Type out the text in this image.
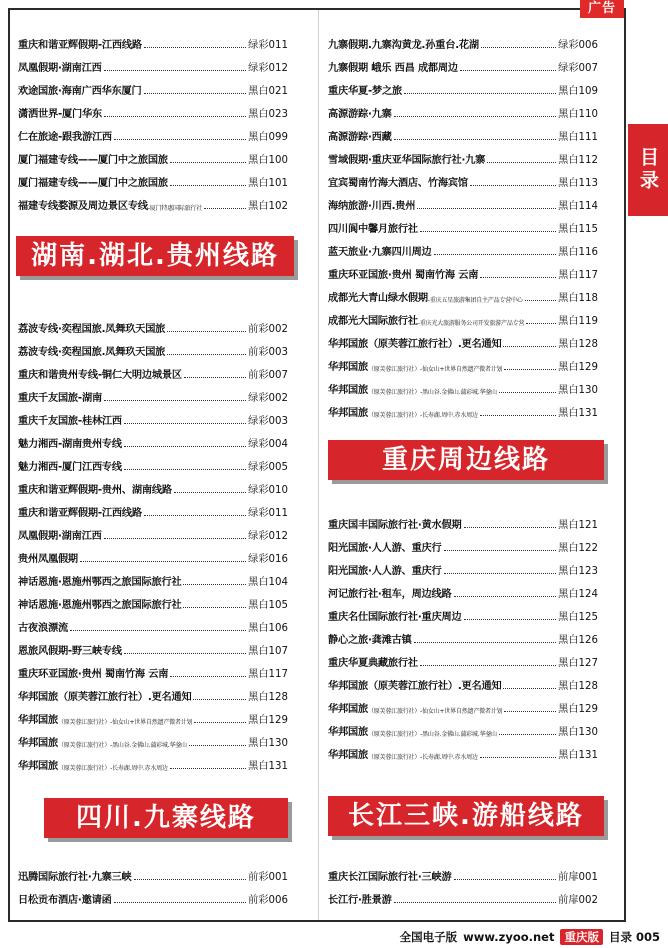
广告
目录
重庆和谐亚辉假期-江西线路	绿彩011
凤凰假期·湖南江西	绿彩012
欢途国旅·海南广西华东厦门	黑白021
潇洒世界-厦门华东	黑白023
仁在旅途-跟我游江西	黑白099
厦门福建专线——厦门中之旅国旅	黑白100
厦门福建专线——厦门中之旅国旅	黑白101
福建专线婺源及周边景区专线 -厦门特惠国际旅行社	黑白102
湖南.湖北.贵州线路
荔波专线·奕程国旅.凤舞玖天国旅	前彩002
荔波专线·奕程国旅.凤舞玖天国旅	前彩003
重庆和谐贵州专线-铜仁大明边城景区	前彩007
重庆千友国旅-湖南	绿彩002
重庆千友国旅-桂林江西	绿彩003
魅力湘西-湖南贵州专线	绿彩004
魅力湘西-厦门江西专线	绿彩005
重庆和谐亚辉假期-贵州、湖南线路	绿彩010
重庆和谐亚辉假期-江西线路	绿彩011
凤凰假期·湖南江西	绿彩012
贵州凤凰假期	绿彩016
神话恩施·恩施州鄂西之旅国际旅行社	黑白104
神话恩施·恩施州鄂西之旅国际旅行社	黑白105
古夜浪漂流	黑白106
恩旅风假期-野三峡专线	黑白107
重庆环亚国旅·贵州 蜀南竹海 云南	黑白117
华邦国旅（原芙蓉江旅行社）.更名通知	黑白128
华邦国旅 （原芙蓉江旅行社）-仙女山+世界自然遗产微者计划	黑白129
华邦国旅 （原芙蓉江旅行社）-黑山谷.金佛山.蒲彩城.华蓥山	黑白130
华邦国旅 （原芙蓉江旅行社）-长寿湖.周中.赤水周边	黑白131
四川.九寨线路
迅腾国际旅行社·九寨三峡	前彩001
日松贡布酒店·邀请函	前彩006
九寨假期.九寨沟黄龙.孙重台.花湖	绿彩006
九寨假期 峨乐 西昌 成都周边	绿彩007
重庆华夏-梦之旅	黑白109
高源游踪·九寨	黑白110
高源游踪·西藏	黑白111
雪域假期·重庆亚华国际旅行社·九寨	黑白112
宜宾蜀南竹海大酒店、竹海宾馆	黑白113
海纳旅游·川西.贵州	黑白114
四川阆中馨月旅行社	黑白115
蓝天旅业·九寨四川周边	黑白116
重庆环亚国旅·贵州 蜀南竹海 云南	黑白117
成都光大青山绿水假期 -重庆五星旅游集团自主产品专营中心	黑白118
成都光大国际旅行社 -重庆光大旅游服务公司开发旅游产品专营	黑白119
华邦国旅（原芙蓉江旅行社）.更名通知	黑白128
华邦国旅 （原芙蓉江旅行社）-仙女山+世界自然遗产微者计划	黑白129
华邦国旅 （原芙蓉江旅行社）-黑山谷.金佛山.蒲彩城.华蓥山	黑白130
华邦国旅 （原芙蓉江旅行社）-长寿湖.周中.赤水周边	黑白131
重庆周边线路
重庆国丰国际旅行社·黄水假期	黑白121
阳光国旅·人人游、重庆行	黑白122
阳光国旅·人人游、重庆行	黑白123
河记旅行社·租车，周边线路	黑白124
重庆名仕国际旅行社·重庆周边	黑白125
静心之旅·龚滩古镇	黑白126
重庆华夏典藏旅行社	黑白127
华邦国旅（原芙蓉江旅行社）.更名通知	黑白128
华邦国旅 （原芙蓉江旅行社）-仙女山+世界自然遗产微者计划	黑白129
华邦国旅 （原芙蓉江旅行社）-黑山谷.金佛山.蒲彩城.华蓥山	黑白130
华邦国旅 （原芙蓉江旅行社）-长寿湖.周中.赤水周边	黑白131
长江三峡.游船线路
重庆长江国际旅行社·三峡游	前扉001
长江行·胜景游	前扉002
全国电子版 www.zyoo.net 重庆版 目录 005
